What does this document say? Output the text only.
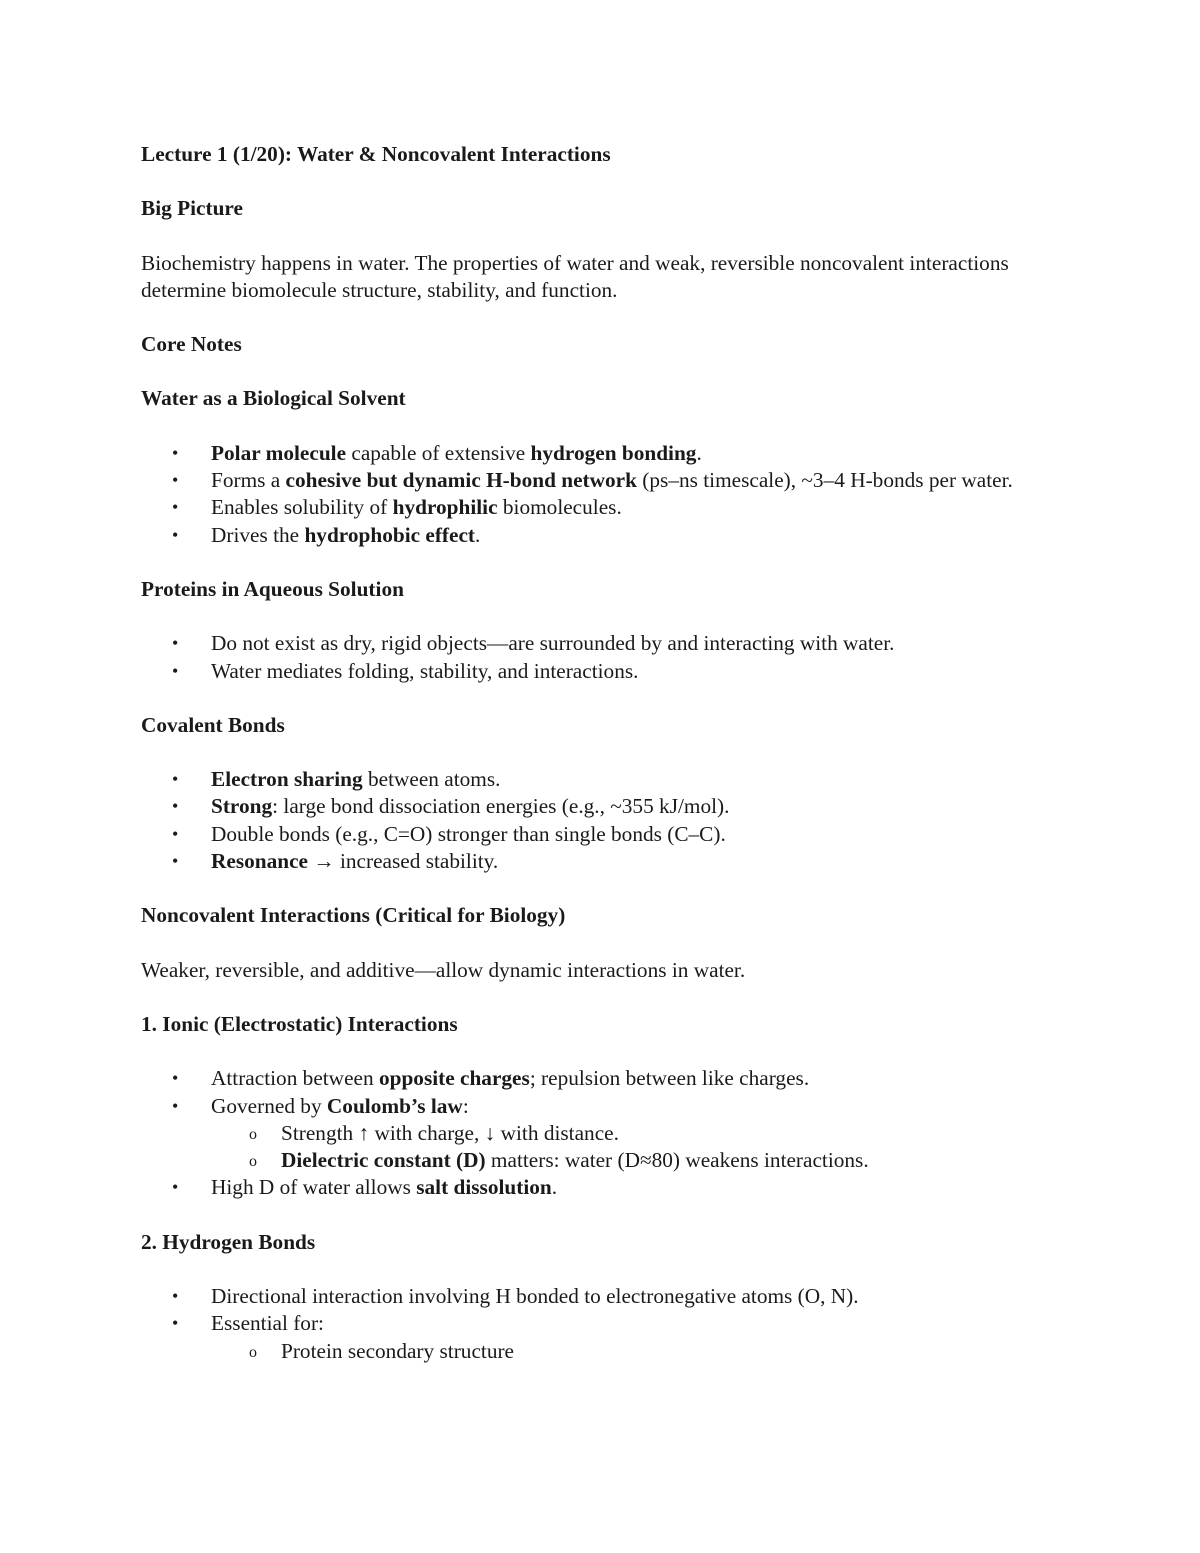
Lecture 1 (1/20): Water & Noncovalent Interactions

Big Picture

Biochemistry happens in water. The properties of water and weak, reversible noncovalent interactions determine biomolecule structure, stability, and function.

Core Notes

Water as a Biological Solvent

• Polar molecule capable of extensive hydrogen bonding.
• Forms a cohesive but dynamic H-bond network (ps–ns timescale), ~3–4 H-bonds per water.
• Enables solubility of hydrophilic biomolecules.
• Drives the hydrophobic effect.

Proteins in Aqueous Solution

• Do not exist as dry, rigid objects—are surrounded by and interacting with water.
• Water mediates folding, stability, and interactions.

Covalent Bonds

• Electron sharing between atoms.
• Strong: large bond dissociation energies (e.g., ~355 kJ/mol).
• Double bonds (e.g., C=O) stronger than single bonds (C–C).
• Resonance → increased stability.

Noncovalent Interactions (Critical for Biology)

Weaker, reversible, and additive—allow dynamic interactions in water.

1. Ionic (Electrostatic) Interactions

• Attraction between opposite charges; repulsion between like charges.
• Governed by Coulomb’s law:
o Strength ↑ with charge, ↓ with distance.
o Dielectric constant (D) matters: water (D≈80) weakens interactions.
• High D of water allows salt dissolution.

2. Hydrogen Bonds

• Directional interaction involving H bonded to electronegative atoms (O, N).
• Essential for:
o Protein secondary structure
